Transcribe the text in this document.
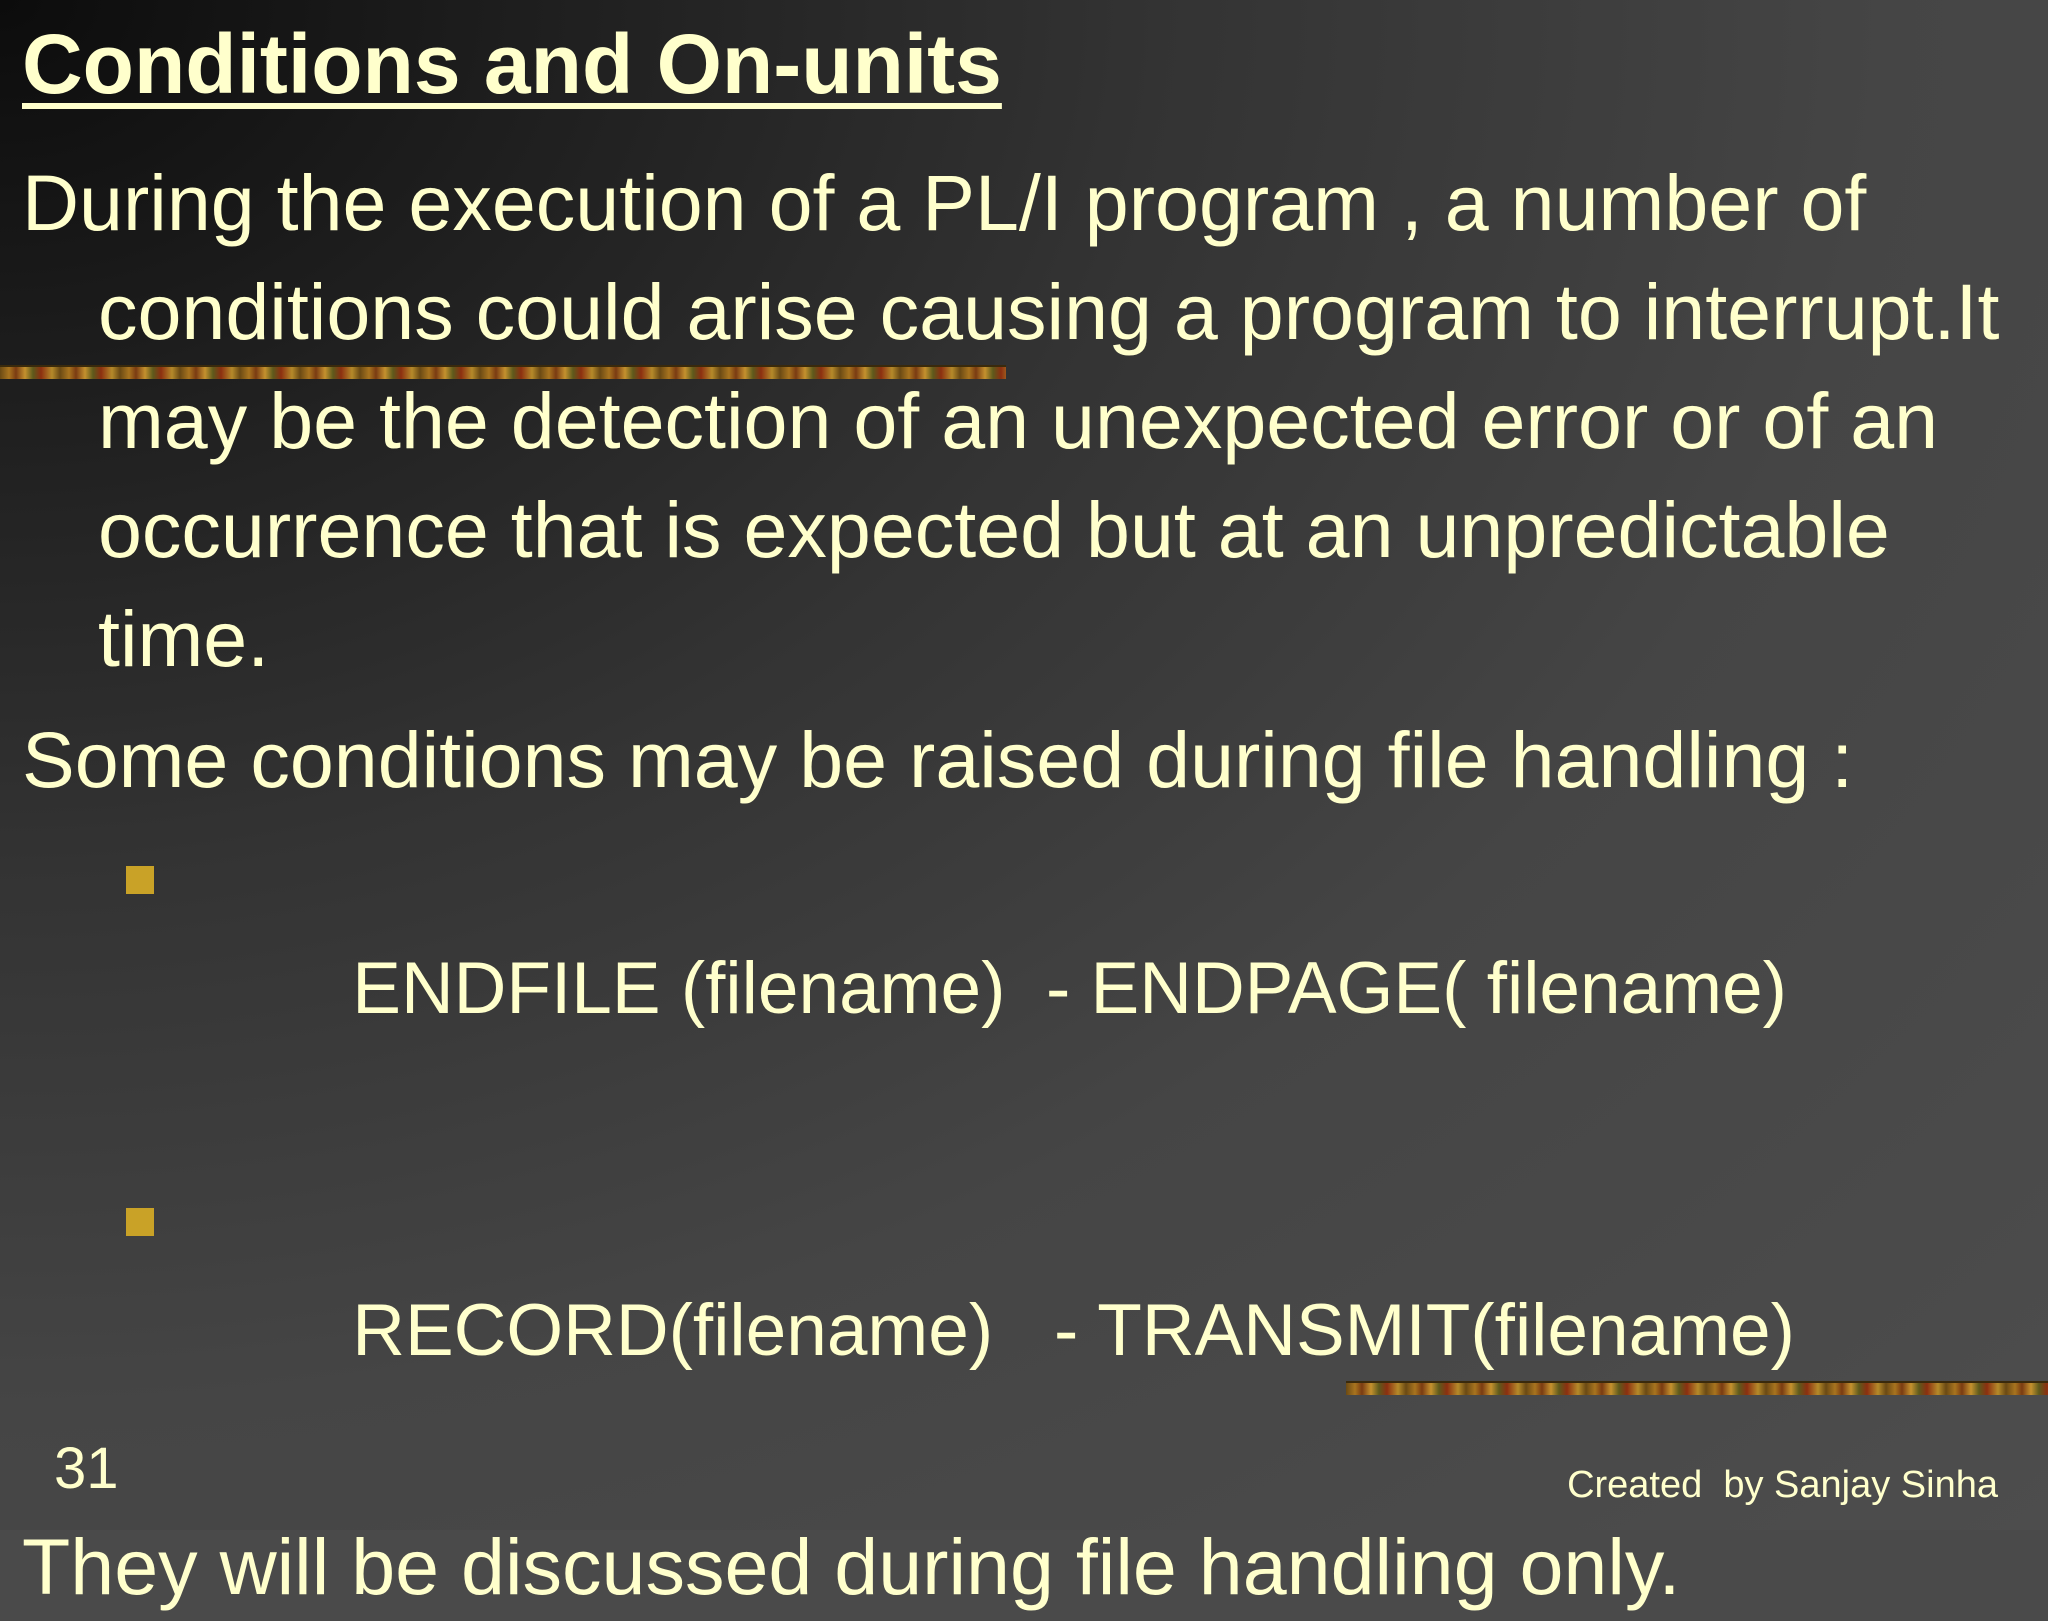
Conditions and On-units

During the execution of a PL/I program , a number of conditions could arise causing a program to interrupt.It may be the detection of an unexpected error or of an occurrence that is expected but at an unpredictable time.

Some conditions may be raised during file handling :

ENDFILE (filename)  - ENDPAGE( filename)

RECORD(filename)   - TRANSMIT(filename)

They will be discussed during file handling only.

31	Created  by Sanjay Sinha
